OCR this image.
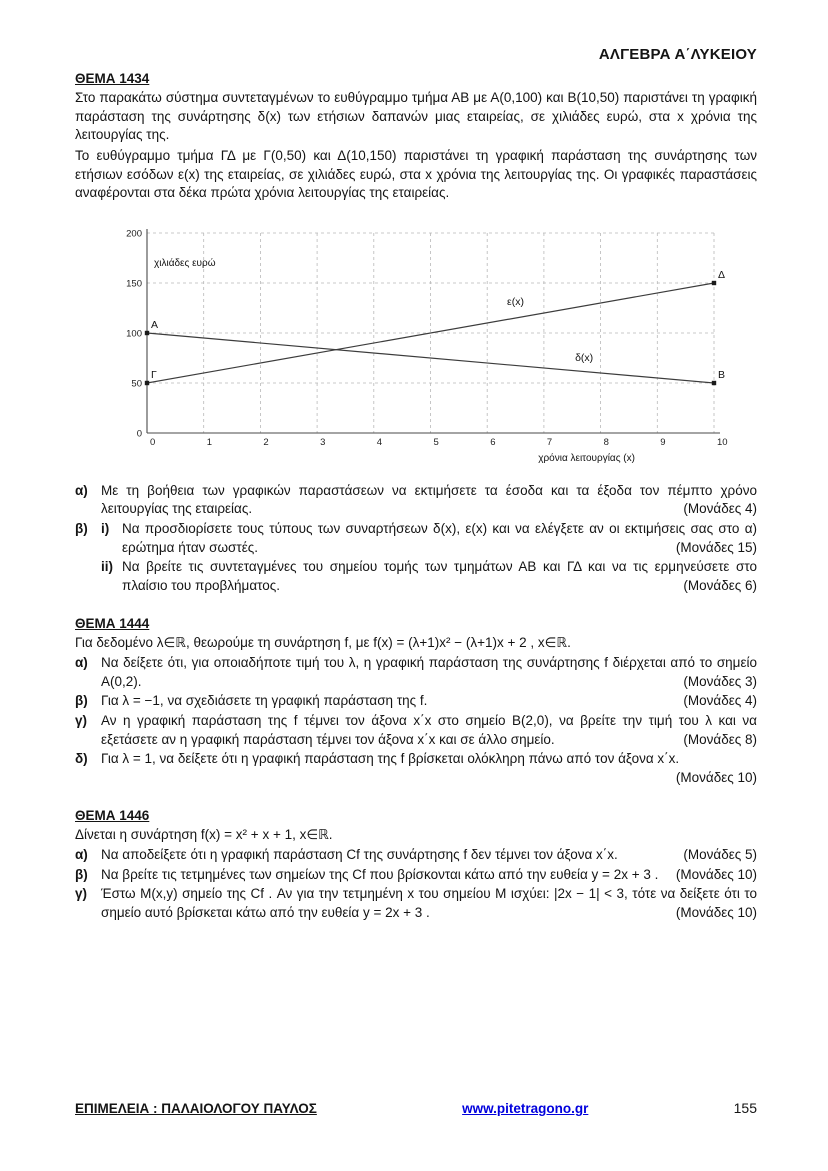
ΑΛΓΕΒΡΑ Α΄ΛΥΚΕΙΟΥ
ΘΕΜΑ 1434

Στο παρακάτω σύστημα συντεταγμένων το ευθύγραμμο τμήμα ΑΒ με Α(0,100) και Β(10,50) παριστάνει τη γραφική παράσταση της συνάρτησης δ(x) των ετήσιων δαπανών μιας εταιρείας, σε χιλιάδες ευρώ, στα x χρόνια της λειτουργίας της.

Το ευθύγραμμο τμήμα ΓΔ με Γ(0,50) και Δ(10,150) παριστάνει τη γραφική παράσταση της συνάρτησης των ετήσιων εσόδων ε(x) της εταιρείας, σε χιλιάδες ευρώ, στα x χρόνια της λειτουργίας της. Οι γραφικές παραστάσεις αναφέρονται στα δέκα πρώτα χρόνια λειτουργίας της εταιρείας.

0
50
100
150
200
0	1	2	3	4	5	6	7	8	9	10
Α
Β
δ(x)
Γ
Δ
ε(x)
χιλιάδες ευρώ
χρόνια λειτουργίας (x)
α) Με τη βοήθεια των γραφικών παραστάσεων να εκτιμήσετε τα έσοδα και τα έξοδα τον πέμπτο χρόνο λειτουργίας της εταιρείας.	(Μονάδες 4)
β) i) Να προσδιορίσετε τους τύπους των συναρτήσεων δ(x), ε(x) και να ελέγξετε αν οι εκτιμήσεις σας στο α) ερώτημα ήταν σωστές.	(Μονάδες 15)
ii) Να βρείτε τις συντεταγμένες του σημείου τομής των τμημάτων ΑΒ και ΓΔ και να τις ερμηνεύσετε στο πλαίσιο του προβλήματος.	(Μονάδες 6)
ΘΕΜΑ 1444

Για δεδομένο λ∈ℝ, θεωρούμε τη συνάρτηση f, με f(x) = (λ+1)x² − (λ+1)x + 2 , x∈ℝ.

α) Να δείξετε ότι, για οποιαδήποτε τιμή του λ, η γραφική παράσταση της συνάρτησης f διέρχεται από το σημείο Α(0,2).	(Μονάδες 3)
β) Για λ = −1, να σχεδιάσετε τη γραφική παράσταση της f.	(Μονάδες 4)
γ)	Αν η γραφική παράσταση της f τέμνει τον άξονα x΄x στο σημείο Β(2,0), να βρείτε την τιμή του λ και να εξετάσετε αν η γραφική παράσταση τέμνει τον άξονα x΄x και σε άλλο σημείο.	(Μονάδες 8)
δ) Για λ = 1, να δείξετε ότι η γραφική παράσταση της f βρίσκεται ολόκληρη πάνω από τον άξονα x΄x.
(Μονάδες 10)
ΘΕΜΑ 1446

Δίνεται η συνάρτηση f(x) = x² + x + 1, x∈ℝ.

α) Να αποδείξετε ότι η γραφική παράσταση Cf της συνάρτησης f δεν τέμνει τον άξονα x΄x.	(Μονάδες 5)
β) Να βρείτε τις τετμημένες των σημείων της Cf που βρίσκονται κάτω από την ευθεία y = 2x + 3 . (Μονάδες 10)
γ)	Έστω Μ(x,y) σημείο της Cf . Αν για την τετμημένη x του σημείου Μ ισχύει: |2x − 1| < 3, τότε να δείξετε ότι το σημείο αυτό βρίσκεται κάτω από την ευθεία y = 2x + 3 .	(Μονάδες 10)
ΕΠΙΜΕΛΕΙΑ : ΠΑΛΑΙΟΛΟΓΟΥ ΠΑΥΛΟΣ	www.pitetragono.gr	155
